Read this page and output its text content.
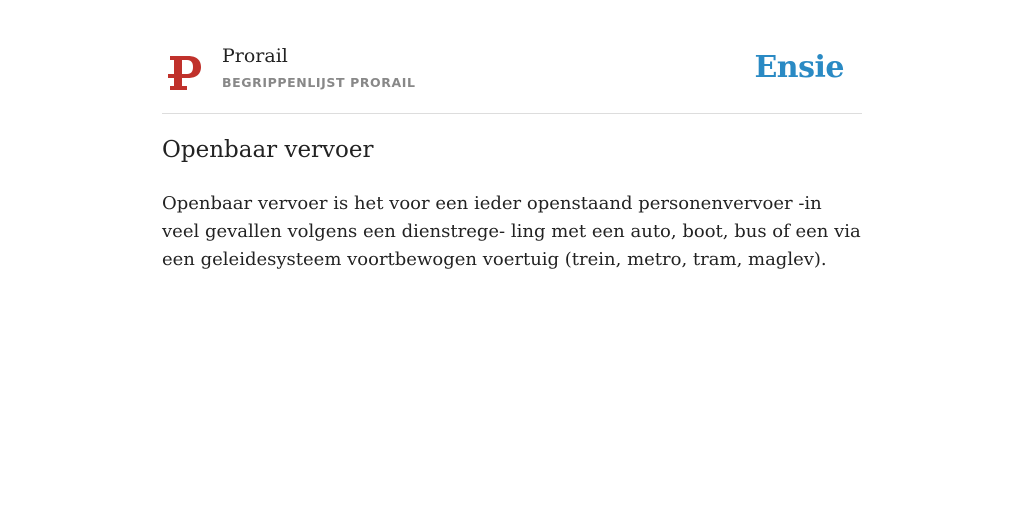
Prorail
BEGRIPPENLIJST PRORAIL	Ensie
Openbaar vervoer

Openbaar vervoer is het voor een ieder openstaand personenvervoer -in veel gevallen volgens een dienstrege- ling met een auto, boot, bus of een via een geleidesysteem voortbewogen voertuig (trein, metro, tram, maglev).
